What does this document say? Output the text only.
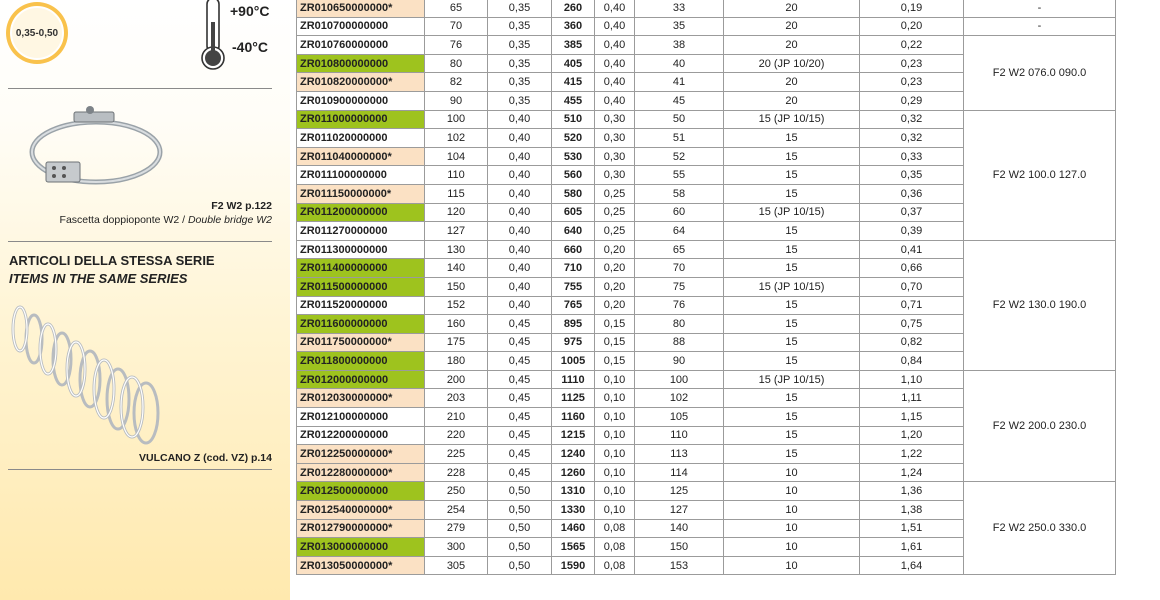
0,35-0,50
+90°C
-40°C
F2 W2 p.122
Fascetta doppioponte W2 / Double bridge W2
ARTICOLI DELLA STESSA SERIE
ITEMS IN THE SAME SERIES
VULCANO Z (cod. VZ) p.14
ZR010650000000*	65	0,35	260	0,40	33	20	0,19	-
ZR010700000000	70	0,35	360	0,40	35	20	0,20	-
ZR010760000000	76	0,35	385	0,40	38	20	0,22	F2 W2 076.0 090.0
ZR010800000000	80	0,35	405	0,40	40	20 (JP 10/20)	0,23	
ZR010820000000*	82	0,35	415	0,40	41	20	0,23	
ZR010900000000	90	0,35	455	0,40	45	20	0,29	
ZR011000000000	100	0,40	510	0,30	50	15 (JP 10/15)	0,32	F2 W2 100.0 127.0
ZR011020000000	102	0,40	520	0,30	51	15	0,32	
ZR011040000000*	104	0,40	530	0,30	52	15	0,33	
ZR011100000000	110	0,40	560	0,30	55	15	0,35	
ZR011150000000*	115	0,40	580	0,25	58	15	0,36	
ZR011200000000	120	0,40	605	0,25	60	15 (JP 10/15)	0,37	
ZR011270000000	127	0,40	640	0,25	64	15	0,39	
ZR011300000000	130	0,40	660	0,20	65	15	0,41	F2 W2 130.0 190.0
ZR011400000000	140	0,40	710	0,20	70	15	0,66	
ZR011500000000	150	0,40	755	0,20	75	15 (JP 10/15)	0,70	
ZR011520000000	152	0,40	765	0,20	76	15	0,71	
ZR011600000000	160	0,45	895	0,15	80	15	0,75	
ZR011750000000*	175	0,45	975	0,15	88	15	0,82	
ZR011800000000	180	0,45	1005	0,15	90	15	0,84	
ZR012000000000	200	0,45	1110	0,10	100	15 (JP 10/15)	1,10	F2 W2 200.0 230.0
ZR012030000000*	203	0,45	1125	0,10	102	15	1,11	
ZR012100000000	210	0,45	1160	0,10	105	15	1,15	
ZR012200000000	220	0,45	1215	0,10	110	15	1,20	
ZR012250000000*	225	0,45	1240	0,10	113	15	1,22	
ZR012280000000*	228	0,45	1260	0,10	114	10	1,24	
ZR012500000000	250	0,50	1310	0,10	125	10	1,36	F2 W2 250.0 330.0
ZR012540000000*	254	0,50	1330	0,10	127	10	1,38	
ZR012790000000*	279	0,50	1460	0,08	140	10	1,51	
ZR013000000000	300	0,50	1565	0,08	150	10	1,61	
ZR013050000000*	305	0,50	1590	0,08	153	10	1,64	
